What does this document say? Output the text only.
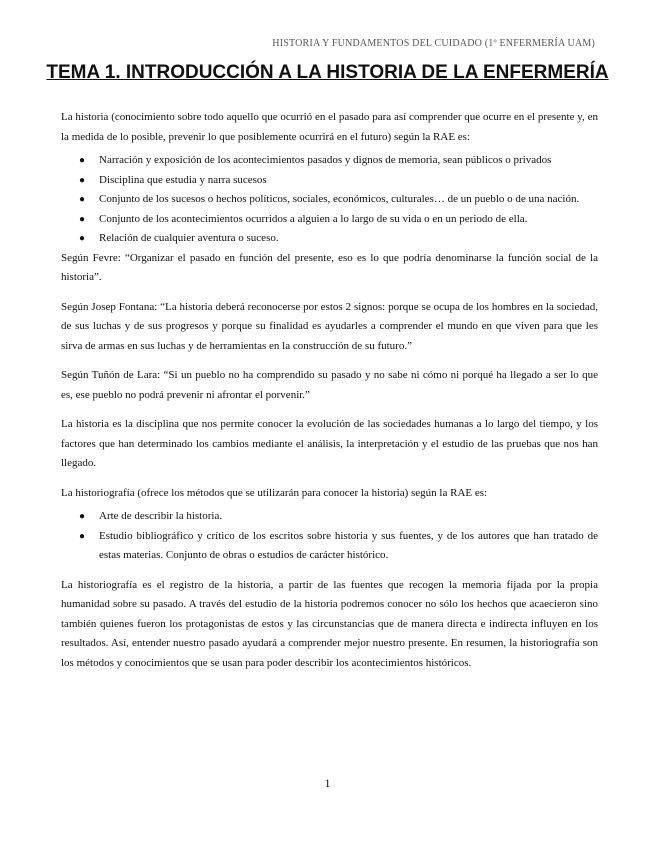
HISTORIA Y FUNDAMENTOS DEL CUIDADO (1º ENFERMERÍA UAM)
TEMA 1. INTRODUCCIÓN A LA HISTORIA DE LA ENFERMERÍA

La historia (conocimiento sobre todo aquello que ocurrió en el pasado para así comprender que ocurre en el presente y, en la medida de lo posible, prevenir lo que posiblemente ocurrirá en el futuro) según la RAE es:

● Narración y exposición de los acontecimientos pasados y dignos de memoria, sean públicos o privados
● Disciplina que estudia y narra sucesos
● Conjunto de los sucesos o hechos políticos, sociales, económicos, culturales… de un pueblo o de una nación.
● Conjunto de los acontecimientos ocurridos a alguien a lo largo de su vida o en un periodo de ella.
● Relación de cualquier aventura o suceso.

Según Fevre: “Organizar el pasado en función del presente, eso es lo que podría denominarse la función social de la historia”.

Según Josep Fontana: “La historia deberá reconocerse por estos 2 signos: porque se ocupa de los hombres en la sociedad, de sus luchas y de sus progresos y porque su finalidad es ayudarles a comprender el mundo en que viven para que les sirva de armas en sus luchas y de herramientas en la construcción de su futuro.”

Según Tuñón de Lara: “Si un pueblo no ha comprendido su pasado y no sabe ni cómo ni porqué ha llegado a ser lo que es, ese pueblo no podrá prevenir ni afrontar el porvenir.”

La historia es la disciplina que nos permite conocer la evolución de las sociedades humanas a lo largo del tiempo, y los factores que han determinado los cambios mediante el análisis, la interpretación y el estudio de las pruebas que nos han llegado.

La historiografía (ofrece los métodos que se utilizarán para conocer la historia) según la RAE es:

● Arte de describir la historia.
● Estudio bibliográfico y crítico de los escritos sobre historia y sus fuentes, y de los autores que han tratado de estas materias. Conjunto de obras o estudios de carácter histórico.

La historiografía es el registro de la historia, a partir de las fuentes que recogen la memoria fijada por la propia humanidad sobre su pasado. A través del estudio de la historia podremos conocer no sólo los hechos que acaecieron sino también quienes fueron los protagonistas de estos y las circunstancias que de manera directa e indirecta influyen en los resultados. Así, entender nuestro pasado ayudará a comprender mejor nuestro presente. En resumen, la historiografía son los métodos y conocimientos que se usan para poder describir los acontecimientos históricos.

1
